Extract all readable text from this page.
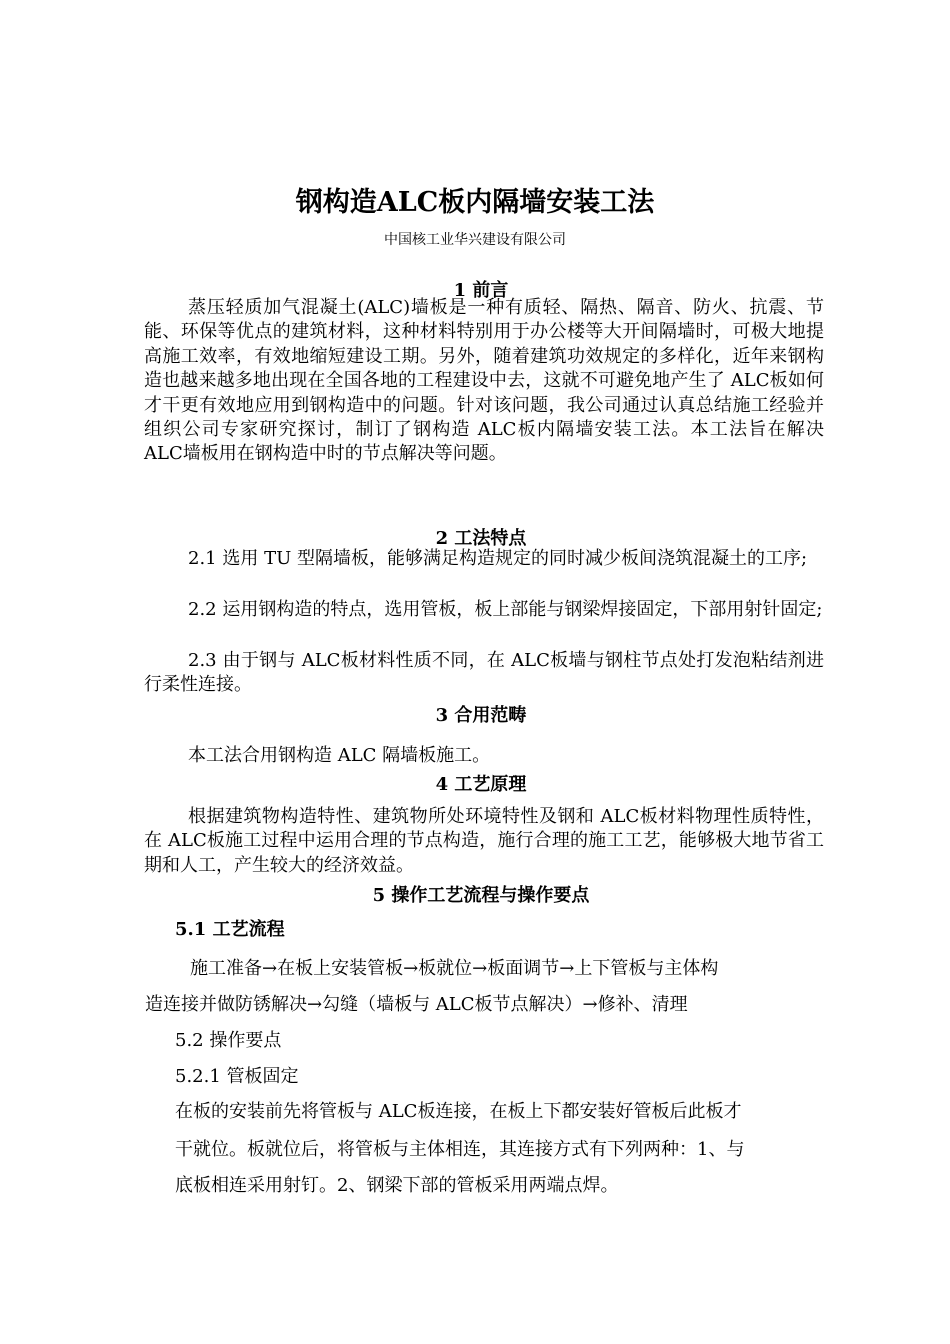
钢构造ALC板内隔墙安装工法
中国核工业华兴建设有限公司
1 前言
蒸压轻质加气混凝土(ALC)墙板是一种有质轻、隔热、隔音、防火、抗震、节能、环保等优点的建筑材料，这种材料特别用于办公楼等大开间隔墙时，可极大地提高施工效率，有效地缩短建设工期。另外，随着建筑功效规定的多样化，近年来钢构造也越来越多地出现在全国各地的工程建设中去，这就不可避免地产生了 ALC板如何才干更有效地应用到钢构造中的问题。针对该问题，我公司通过认真总结施工经验并组织公司专家研究探讨，制订了钢构造 ALC板内隔墙安装工法。本工法旨在解决 ALC墙板用在钢构造中时的节点解决等问题。
2 工法特点
2.1 选用 TU 型隔墙板，能够满足构造规定的同时减少板间浇筑混凝土的工序;
2.2 运用钢构造的特点，选用管板，板上部能与钢梁焊接固定，下部用射针固定;
2.3 由于钢与 ALC板材料性质不同，在 ALC板墙与钢柱节点处打发泡粘结剂进行柔性连接。
3 合用范畴
本工法合用钢构造 ALC 隔墙板施工。
4 工艺原理
根据建筑物构造特性、建筑物所处环境特性及钢和 ALC板材料物理性质特性，在 ALC板施工过程中运用合理的节点构造，施行合理的施工工艺，能够极大地节省工期和人工，产生较大的经济效益。
5 操作工艺流程与操作要点
5.1 工艺流程
施工准备→在板上安装管板→板就位→板面调节→上下管板与主体构
造连接并做防锈解决→勾缝（墙板与 ALC板节点解决）→修补、清理
5.2 操作要点
5.2.1 管板固定
在板的安装前先将管板与 ALC板连接，在板上下都安装好管板后此板才
干就位。板就位后，将管板与主体相连，其连接方式有下列两种：1、与
底板相连采用射钉。2、钢梁下部的管板采用两端点焊。
